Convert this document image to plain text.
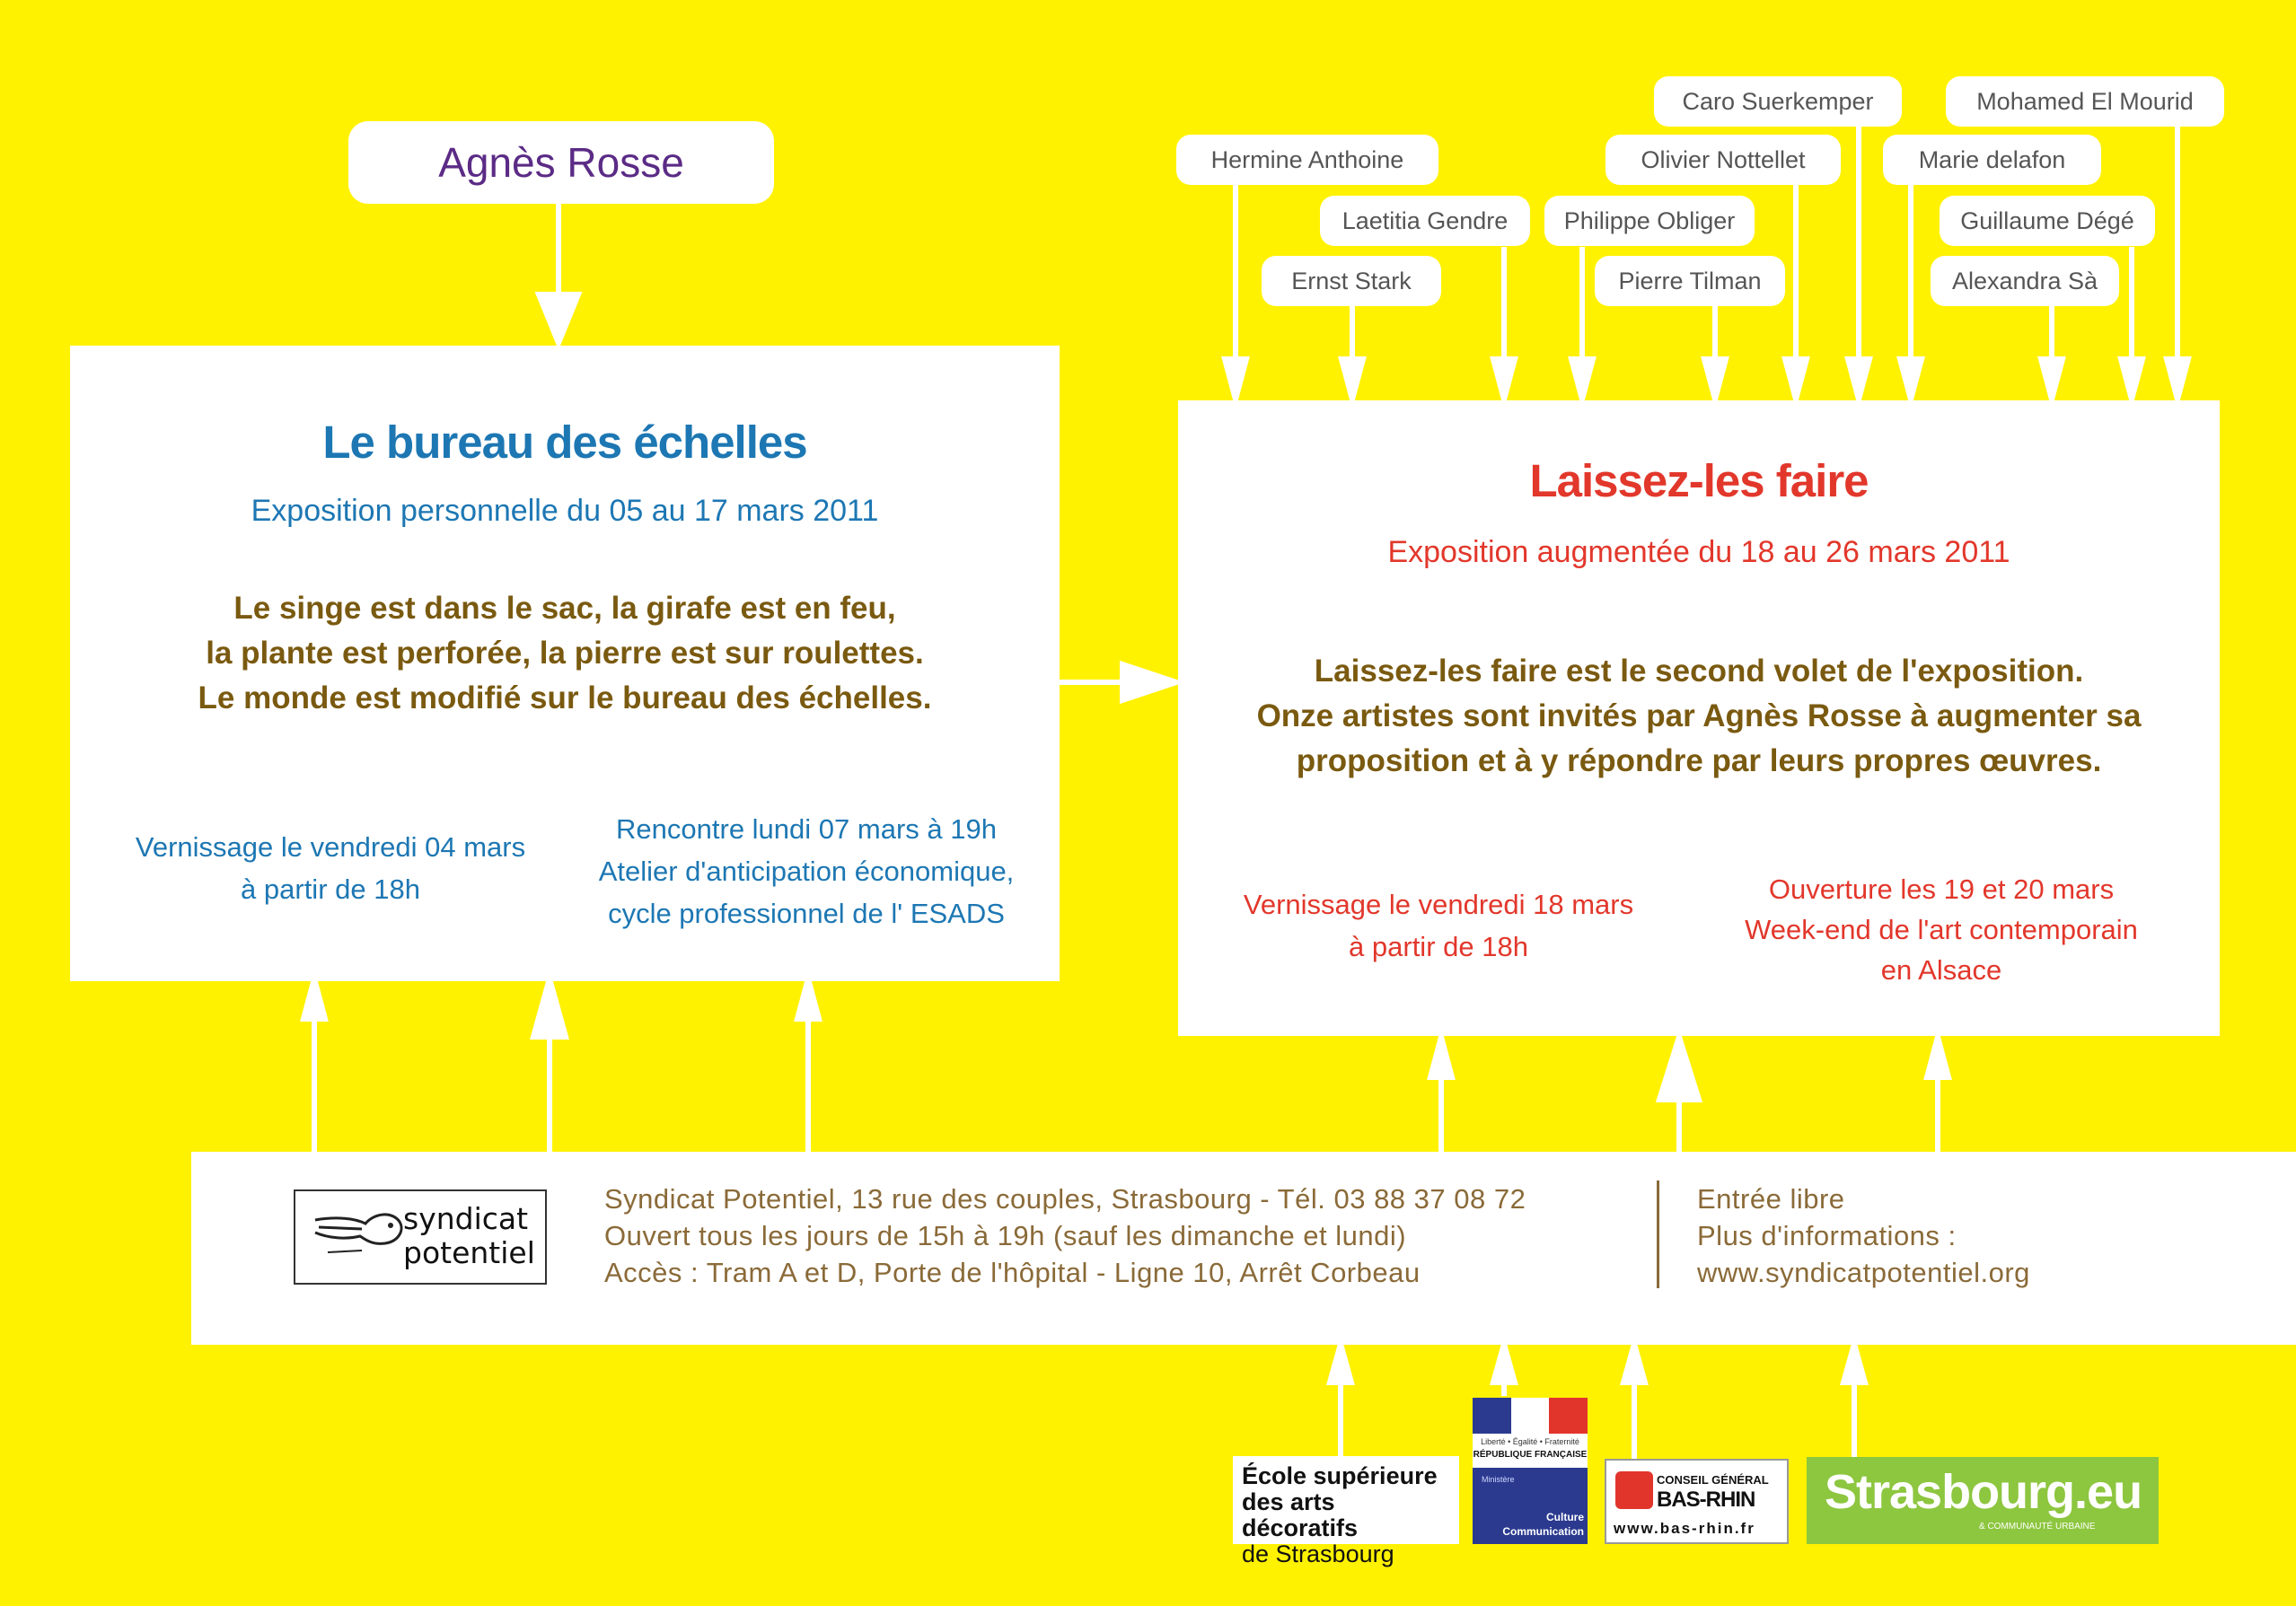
Agnès Rosse
Le bureau des échelles
Exposition personnelle du 05 au 17 mars 2011
Le singe est dans le sac, la girafe est en feu,
la plante est perforée, la pierre est sur roulettes.
Le monde est modifié sur le bureau des échelles.
Vernissage le vendredi 04 mars
à partir de 18h
Rencontre lundi 07 mars à 19h
Atelier d'anticipation économique,
cycle professionnel de l' ESADS
Laissez-les faire
Exposition augmentée du 18 au 26 mars 2011
Laissez-les faire est le second volet de l'exposition.
Onze artistes sont invités par Agnès Rosse à augmenter sa
proposition et à y répondre par leurs propres œuvres.
Vernissage le vendredi 18 mars
à partir de 18h
Ouverture les 19 et 20 mars
Week-end de l'art contemporain
en Alsace
Hermine Anthoine
Laetitia Gendre
Ernst Stark
Philippe Obliger
Pierre Tilman
Olivier Nottellet
Caro Suerkemper
Marie delafon
Mohamed El Mourid
Guillaume Dégé
Alexandra Sà
syndicat
potentiel
Syndicat Potentiel, 13 rue des couples, Strasbourg - Tél. 03 88 37 08 72
Ouvert tous les jours de 15h à 19h (sauf les dimanche et lundi)
Accès : Tram A et D, Porte de l'hôpital - Ligne 10, Arrêt Corbeau
Entrée libre
Plus d'informations :
www.syndicatpotentiel.org
École supérieure
des arts décoratifs
de Strasbourg
Liberté • Égalité • Fraternité
RÉPUBLIQUE FRANÇAISE
Ministère
Culture
Communication
CONSEIL GÉNÉRAL
BAS-RHIN
www.bas-rhin.fr
Strasbourg.eu
& COMMUNAUTÉ URBAINE
